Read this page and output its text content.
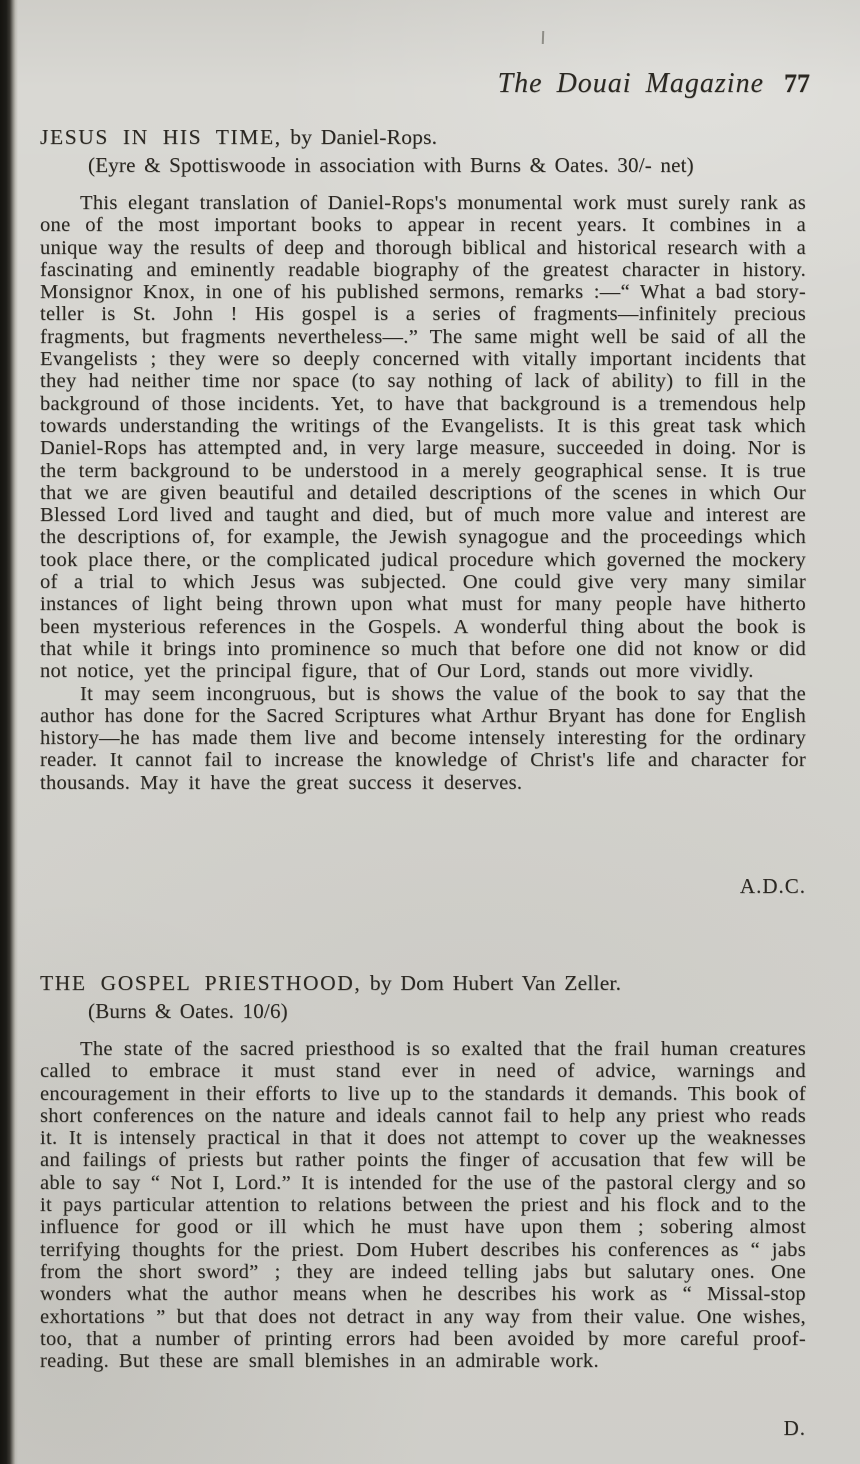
The Douai Magazine 77
JESUS IN HIS TIME, by Daniel-Rops.
(Eyre & Spottiswoode in association with Burns & Oates. 30/- net)

This elegant translation of Daniel-Rops's monumental work must surely rank as one of the most important books to appear in recent years. It combines in a unique way the results of deep and thorough biblical and historical research with a fascinating and eminently readable biography of the greatest character in history. Monsignor Knox, in one of his published sermons, remarks :—“ What a bad story-teller is St. John ! His gospel is a series of fragments—infinitely precious fragments, but fragments nevertheless—.” The same might well be said of all the Evangelists ; they were so deeply concerned with vitally important incidents that they had neither time nor space (to say nothing of lack of ability) to fill in the background of those incidents. Yet, to have that background is a tremendous help towards understanding the writings of the Evangelists. It is this great task which Daniel-Rops has attempted and, in very large measure, succeeded in doing. Nor is the term background to be understood in a merely geographical sense. It is true that we are given beautiful and detailed descriptions of the scenes in which Our Blessed Lord lived and taught and died, but of much more value and interest are the descriptions of, for example, the Jewish synagogue and the proceedings which took place there, or the complicated judical procedure which governed the mockery of a trial to which Jesus was subjected. One could give very many similar instances of light being thrown upon what must for many people have hitherto been mysterious references in the Gospels. A wonderful thing about the book is that while it brings into prominence so much that before one did not know or did not notice, yet the principal figure, that of Our Lord, stands out more vividly.

It may seem incongruous, but is shows the value of the book to say that the author has done for the Sacred Scriptures what Arthur Bryant has done for English history—he has made them live and become intensely interesting for the ordinary reader. It cannot fail to increase the knowledge of Christ's life and character for thousands. May it have the great success it deserves.

A.D.C.
THE GOSPEL PRIESTHOOD, by Dom Hubert Van Zeller.
(Burns & Oates. 10/6)

The state of the sacred priesthood is so exalted that the frail human creatures called to embrace it must stand ever in need of advice, warnings and encouragement in their efforts to live up to the standards it demands. This book of short conferences on the nature and ideals cannot fail to help any priest who reads it. It is intensely practical in that it does not attempt to cover up the weaknesses and failings of priests but rather points the finger of accusation that few will be able to say “ Not I, Lord.” It is intended for the use of the pastoral clergy and so it pays particular attention to relations between the priest and his flock and to the influence for good or ill which he must have upon them ; sobering almost terrifying thoughts for the priest. Dom Hubert describes his conferences as “ jabs from the short sword” ; they are indeed telling jabs but salutary ones. One wonders what the author means when he describes his work as “ Missal-stop exhortations ” but that does not detract in any way from their value. One wishes, too, that a number of printing errors had been avoided by more careful proof-reading. But these are small blemishes in an admirable work.

D.
